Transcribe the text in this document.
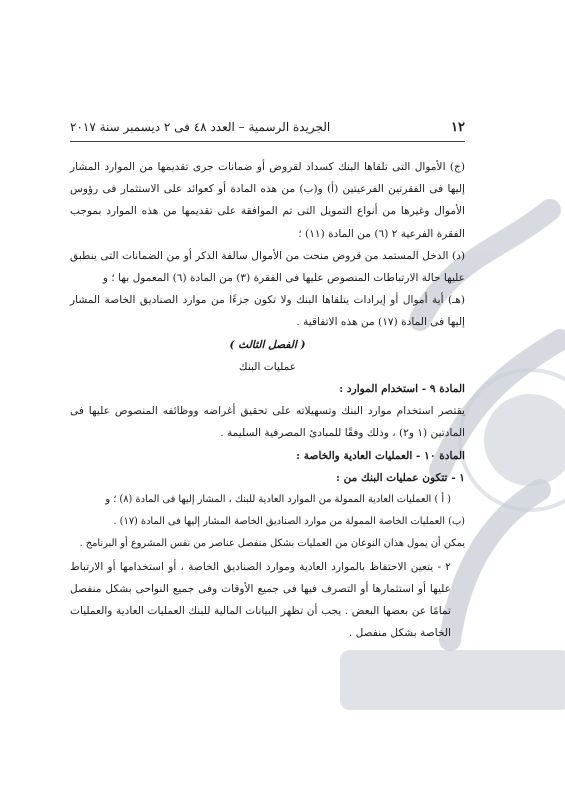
١٢
الجريدة الرسمية – العدد ٤٨ فى ٢ ديسمبر سنة ٢٠١٧

(ج) الأموال التى تلقاها البنك كسداد لقروض أو ضمانات جرى تقديمها من الموارد المشار إليها فى الفقرتين الفرعيتين (أ) و(ب) من هذه المادة أو كعوائد على الاستثمار فى رؤوس الأموال وغيرها من أنواع التمويل التى تم الموافقة على تقديمها من هذه الموارد بموجب الفقرة الفرعية ٢ (٦) من المادة (١١) ؛

(د) الدخل المستمد من قروض منحت من الأموال سالفة الذكر أو من الضمانات التى ينطبق عليها حالة الارتباطات المنصوص عليها فى الفقرة (٣) من المادة (٦) المعمول بها ؛ و

(هـ) أية أموال أو إيرادات يتلقاها البنك ولا تكون جزءًا من موارد الصناديق الخاصة المشار إليها فى المادة (١٧) من هذه الاتفاقية .

( الفصل الثالث )

عمليات البنك

المادة ٩ - استخدام الموارد :

يقتصر استخدام موارد البنك وتسهيلاته على تحقيق أغراضه ووظائفه المنصوص عليها فى المادتين (١ و٢) ، وذلك وفقًا للمبادئ المصرفية السليمة .

المادة ١٠ - العمليات العادية والخاصة :

١ - تتكون عمليات البنك من :

( أ ) العمليات العادية الممولة من الموارد العادية للبنك ، المشار إليها فى المادة (٨) ؛ و

(ب) العمليات الخاصة الممولة من موارد الصناديق الخاصة المشار إليها فى المادة (١٧) .

يمكن أن يمول هذان النوعان من العمليات بشكل منفصل عناصر من نفس المشروع أو البرنامج .

٢ - يتعين الاحتفاظ بالموارد العادية وموارد الصناديق الخاصة ، أو استخدامها أو الارتباط عليها أو استثمارها أو التصرف فيها فى جميع الأوقات وفى جميع النواحى بشكل منفصل تمامًا عن بعضها البعض . يجب أن تظهر البيانات المالية للبنك العمليات العادية والعمليات الخاصة بشكل منفصل .
